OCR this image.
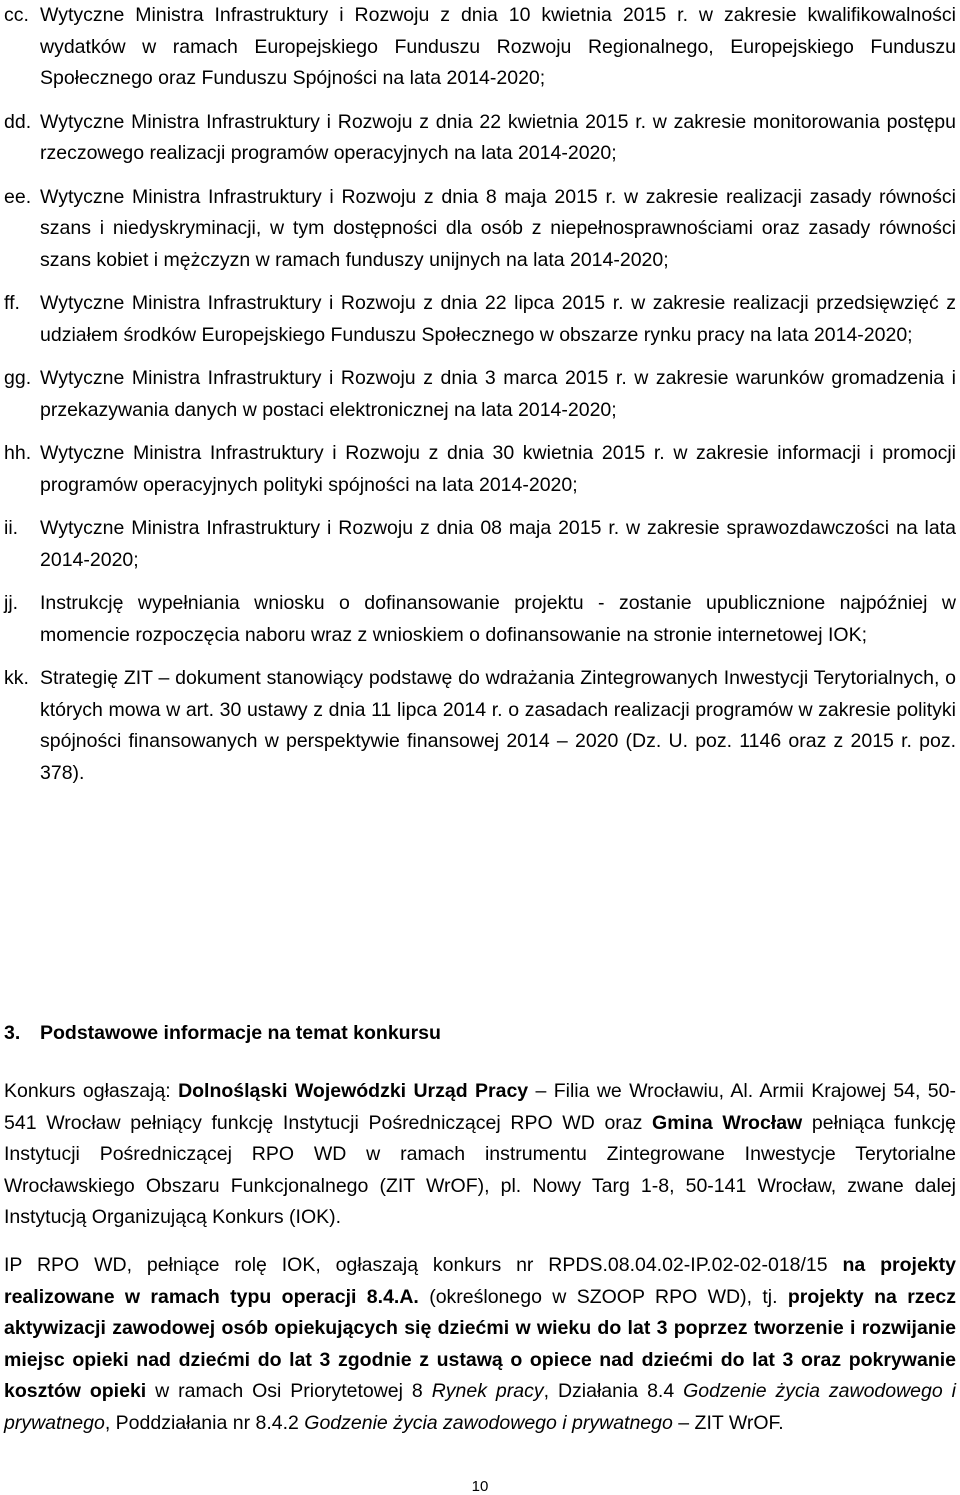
cc. Wytyczne Ministra Infrastruktury i Rozwoju z dnia 10 kwietnia 2015 r. w zakresie kwalifikowalności wydatków w ramach Europejskiego Funduszu Rozwoju Regionalnego, Europejskiego Funduszu Społecznego oraz Funduszu Spójności na lata 2014-2020;
dd. Wytyczne Ministra Infrastruktury i Rozwoju z dnia 22 kwietnia 2015 r. w zakresie monitorowania postępu rzeczowego realizacji programów operacyjnych na lata 2014-2020;
ee. Wytyczne Ministra Infrastruktury i Rozwoju z dnia 8 maja 2015 r. w zakresie realizacji zasady równości szans i niedyskryminacji, w tym dostępności dla osób z niepełnosprawnościami oraz zasady równości szans kobiet i mężczyzn w ramach funduszy unijnych na lata 2014-2020;
ff. Wytyczne Ministra Infrastruktury i Rozwoju z dnia 22 lipca 2015 r. w zakresie realizacji przedsięwzięć z udziałem środków Europejskiego Funduszu Społecznego w obszarze rynku pracy na lata 2014-2020;
gg. Wytyczne Ministra Infrastruktury i Rozwoju z dnia 3 marca 2015 r. w zakresie warunków gromadzenia i przekazywania danych w postaci elektronicznej na lata 2014-2020;
hh. Wytyczne Ministra Infrastruktury i Rozwoju z dnia 30 kwietnia 2015 r. w zakresie informacji i promocji programów operacyjnych polityki spójności na lata 2014-2020;
ii. Wytyczne Ministra Infrastruktury i Rozwoju z dnia 08 maja 2015 r. w zakresie sprawozdawczości na lata 2014-2020;
jj. Instrukcję wypełniania wniosku o dofinansowanie projektu - zostanie upublicznione najpóźniej w momencie rozpoczęcia naboru wraz z wnioskiem o dofinansowanie na stronie internetowej IOK;
kk. Strategię ZIT – dokument stanowiący podstawę do wdrażania Zintegrowanych Inwestycji Terytorialnych, o których mowa w art. 30 ustawy z dnia 11 lipca 2014 r. o zasadach realizacji programów w zakresie polityki spójności finansowanych w perspektywie finansowej 2014 – 2020 (Dz. U. poz. 1146 oraz z 2015 r. poz. 378).
3. Podstawowe informacje na temat konkursu
Konkurs ogłaszają: Dolnośląski Wojewódzki Urząd Pracy – Filia we Wrocławiu, Al. Armii Krajowej 54, 50-541 Wrocław pełniący funkcję Instytucji Pośredniczącej RPO WD oraz Gmina Wrocław pełniąca funkcję Instytucji Pośredniczącej RPO WD w ramach instrumentu Zintegrowane Inwestycje Terytorialne Wrocławskiego Obszaru Funkcjonalnego (ZIT WrOF), pl. Nowy Targ 1-8, 50-141 Wrocław, zwane dalej Instytucją Organizującą Konkurs (IOK).
IP RPO WD, pełniące rolę IOK, ogłaszają konkurs nr RPDS.08.04.02-IP.02-02-018/15 na projekty realizowane w ramach typu operacji 8.4.A. (określonego w SZOOP RPO WD), tj. projekty na rzecz aktywizacji zawodowej osób opiekujących się dziećmi w wieku do lat 3 poprzez tworzenie i rozwijanie miejsc opieki nad dziećmi do lat 3 zgodnie z ustawą o opiece nad dziećmi do lat 3 oraz pokrywanie kosztów opieki w ramach Osi Priorytetowej 8 Rynek pracy, Działania 8.4 Godzenie życia zawodowego i prywatnego, Poddziałania nr 8.4.2 Godzenie życia zawodowego i prywatnego – ZIT WrOF.
10
